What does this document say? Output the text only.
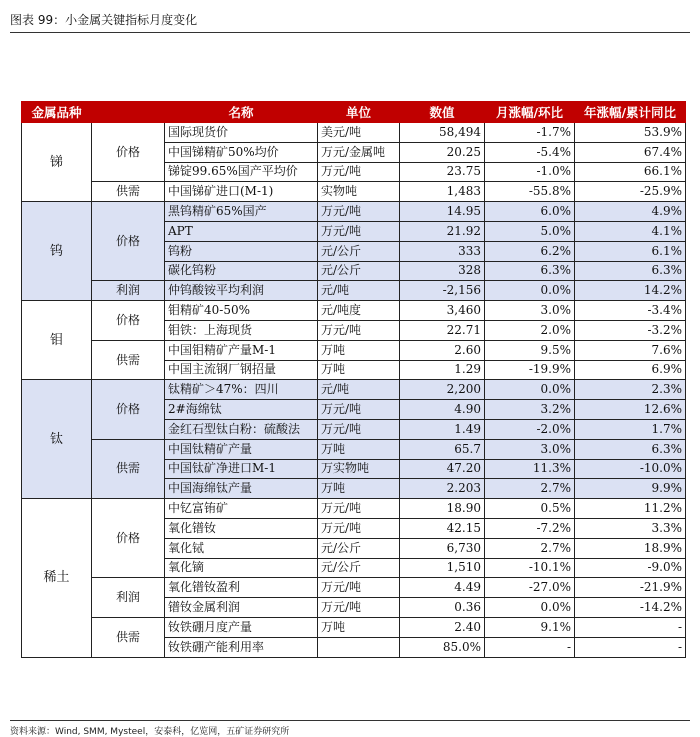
图表 99：小金属关键指标月度变化
金属品种		名称	单位	数值	月涨幅/环比	年涨幅/累计同比
锑	价格	国际现货价	美元/吨	58,494	-1.7%	53.9%
		中国锑精矿50%均价	万元/金属吨	20.25	-5.4%	67.4%
		锑锭99.65%国产平均价	万元/吨	23.75	-1.0%	66.1%
	供需	中国锑矿进口(M-1)	实物吨	1,483	-55.8%	-25.9%
钨	价格	黑钨精矿65%国产	万元/吨	14.95	6.0%	4.9%
		APT	万元/吨	21.92	5.0%	4.1%
		钨粉	元/公斤	333	6.2%	6.1%
		碳化钨粉	元/公斤	328	6.3%	6.3%
	利润	仲钨酸铵平均利润	元/吨	-2,156	0.0%	14.2%
钼	价格	钼精矿40-50%	元/吨度	3,460	3.0%	-3.4%
		钼铁：上海现货	万元/吨	22.71	2.0%	-3.2%
	供需	中国钼精矿产量M-1	万吨	2.60	9.5%	7.6%
		中国主流钢厂钢招量	万吨	1.29	-19.9%	6.9%
钛	价格	钛精矿＞47%：四川	元/吨	2,200	0.0%	2.3%
		2#海绵钛	万元/吨	4.90	3.2%	12.6%
		金红石型钛白粉：硫酸法	万元/吨	1.49	-2.0%	1.7%
	供需	中国钛精矿产量	万吨	65.7	3.0%	6.3%
		中国钛矿净进口M-1	万实物吨	47.20	11.3%	-10.0%
		中国海绵钛产量	万吨	2.203	2.7%	9.9%
稀土	价格	中钇富铕矿	万元/吨	18.90	0.5%	11.2%
		氧化镨钕	万元/吨	42.15	-7.2%	3.3%
		氧化铽	元/公斤	6,730	2.7%	18.9%
		氧化镝	元/公斤	1,510	-10.1%	-9.0%
	利润	氧化镨钕盈利	万元/吨	4.49	-27.0%	-21.9%
		镨钕金属利润	万元/吨	0.36	0.0%	-14.2%
	供需	钕铁硼月度产量	万吨	2.40	9.1%	-
		钕铁硼产能利用率		85.0%	-	-
资料来源：Wind, SMM, Mysteel，安泰科，亿览网，五矿证券研究所
